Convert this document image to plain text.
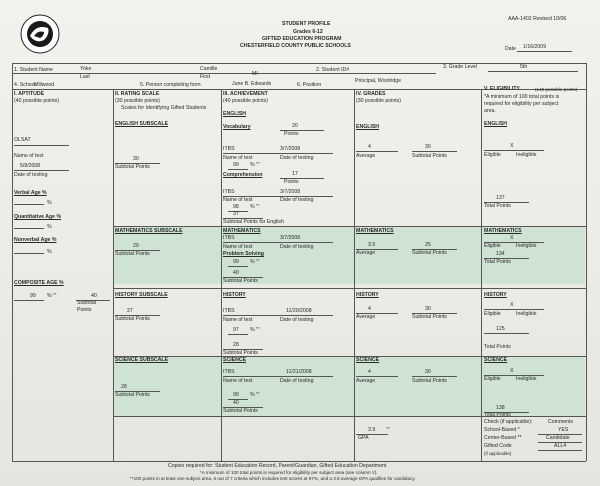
AAA-1402 Revised 10/06
STUDENT PROFILE
Grades 6-12
GIFTED EDUCATION PROGRAM
CHESTERFIELD COUNTY PUBLIC SCHOOLS	Date 1/16/2009
1. Student Name	Yoke	Camille	2. Student ID#	3. Grade Level	5th
Last	First	MI
4. School
Millwood	5. Person completing form	June B. Edwards	6. Position
Principal, Woolridge
I. APTITUDE
(40 possible points)
II. RATING SCALE
(30 possible points)
Scales for Identifying Gifted Students
III. ACHIEVEMENT
(40 possible points)
IV. GRADES
(30 possible points)
V. ELIGIBILITY	(140 possible points)
*A minimum of 100 total points is
required for eligibility per subject
area.
OLSAT
Name of test
5/8/2008
Date of testing
Verbal Age %
%
Quantitative Age %
%
Nonverbal Age %
%
COMPOSITE AGE %
99 % **	40
Subtotal
Points
ENGLISH SUBSCALE
30
Subtotal Points
ENGLISH
Vocabulary	20
Points
ITBS	3/7/2008
Name of test	Date of testing
99 % **
Comprehension	17
Points
ITBS	3/7/2008
Name of test	Date of testing
98 % **
37
Subtotal Points for English
ENGLISH
4
Average
30
Subtotal Points
ENGLISH
X
Eligible	Ineligible
137
Total Points
MATHEMATICS SUBSCALE
29
Subtotal Points
MATHEMATICS
ITBS	3/7/2008
Name of test	Date of testing
Problem Solving
99 % **
40
Subtotal Points
MATHEMATICS
3.5
Average
25
Subtotal Points
MATHEMATICS
X
Eligible	Ineligible
134
Total Points
HISTORY SUBSCALE
27
Subtotal Points
HISTORY
ITBS	11/20/2008
Name of test	Date of testing
97 % **
28
Subtotal Points
HISTORY
4
Average
30
Subtotal Points
HISTORY
X
Eligible	Ineligible
125
Total Points
SCIENCE SUBSCALE
28
Subtotal Points
SCIENCE
ITBS	11/21/2008
Name of test	Date of testing
99 % **
40
Subtotal Points
SCIENCE
4
Average
30
Subtotal Points
SCIENCE
X
Eligible	Ineligible
138
Total Points
3.9 **
GPA
Check (if applicable):	Comments
School-Based *	YES
Center-Based **	Candidate
Gifted Code	ALL4
(if applicable)
Copies required for: Student Education Record, Parent/Guardian, Gifted Education Department
*A minimum of 100 total points is required for eligibility per subject area (see column V).
**100 points in at least one subject area, 6 out of 7 criteria which includes test scores at 97%, and a 3.5 average GPA qualifies for candidacy.
